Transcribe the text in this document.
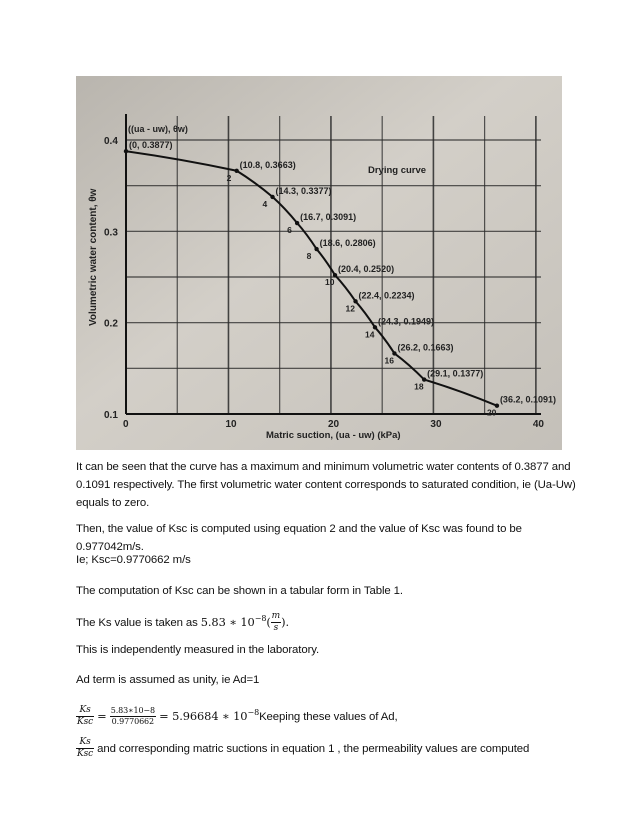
0	10	20	30	40
0.1
0.2
0.3
0.4 (0, 0.3877)
2
(10.8, 0.3663)
4
(14.3, 0.3377)
6
(16.7, 0.3091)
8
(18.6, 0.2806)
10
(20.4, 0.2520)
12
(22.4, 0.2234)
14
(24.3, 0.1949)
16
(26.2, 0.1663)
18
(29.1, 0.1377)
20
(36.2, 0.1091)
Volumetric water content, θw
Matric suction, (ua - uw) (kPa)
((ua - uw), θw)
Drying curve
It can be seen that the curve has a maximum and minimum volumetric water contents of 0.3877 and
0.1091 respectively. The first volumetric water content corresponds to saturated condition, ie (Ua-Uw)
equals to zero.
Then, the value of Ksc is computed using equation 2 and the value of Ksc was found to be 0.977042m/s.
Ie; Ksc=0.9770662 m/s
The computation of Ksc can be shown in a tabular form in Table 1.
The Ks value is taken as 5.83 ∗ $10^{-8}( \frac{m}{s}$ ).
This is independently measured in the laboratory.
Ad term is assumed as unity, ie Ad=1
$\frac{Ks}{\text{Ksc}} = \frac{5.83∗10-8}{0.9770662} = 5.96684$ ∗ $10^{-8}Keeping$ these values of Ad,
$\frac{Ks}{\text{Ksc}}$ and corresponding matric suctions in equation 1 , the permeability values are computed
